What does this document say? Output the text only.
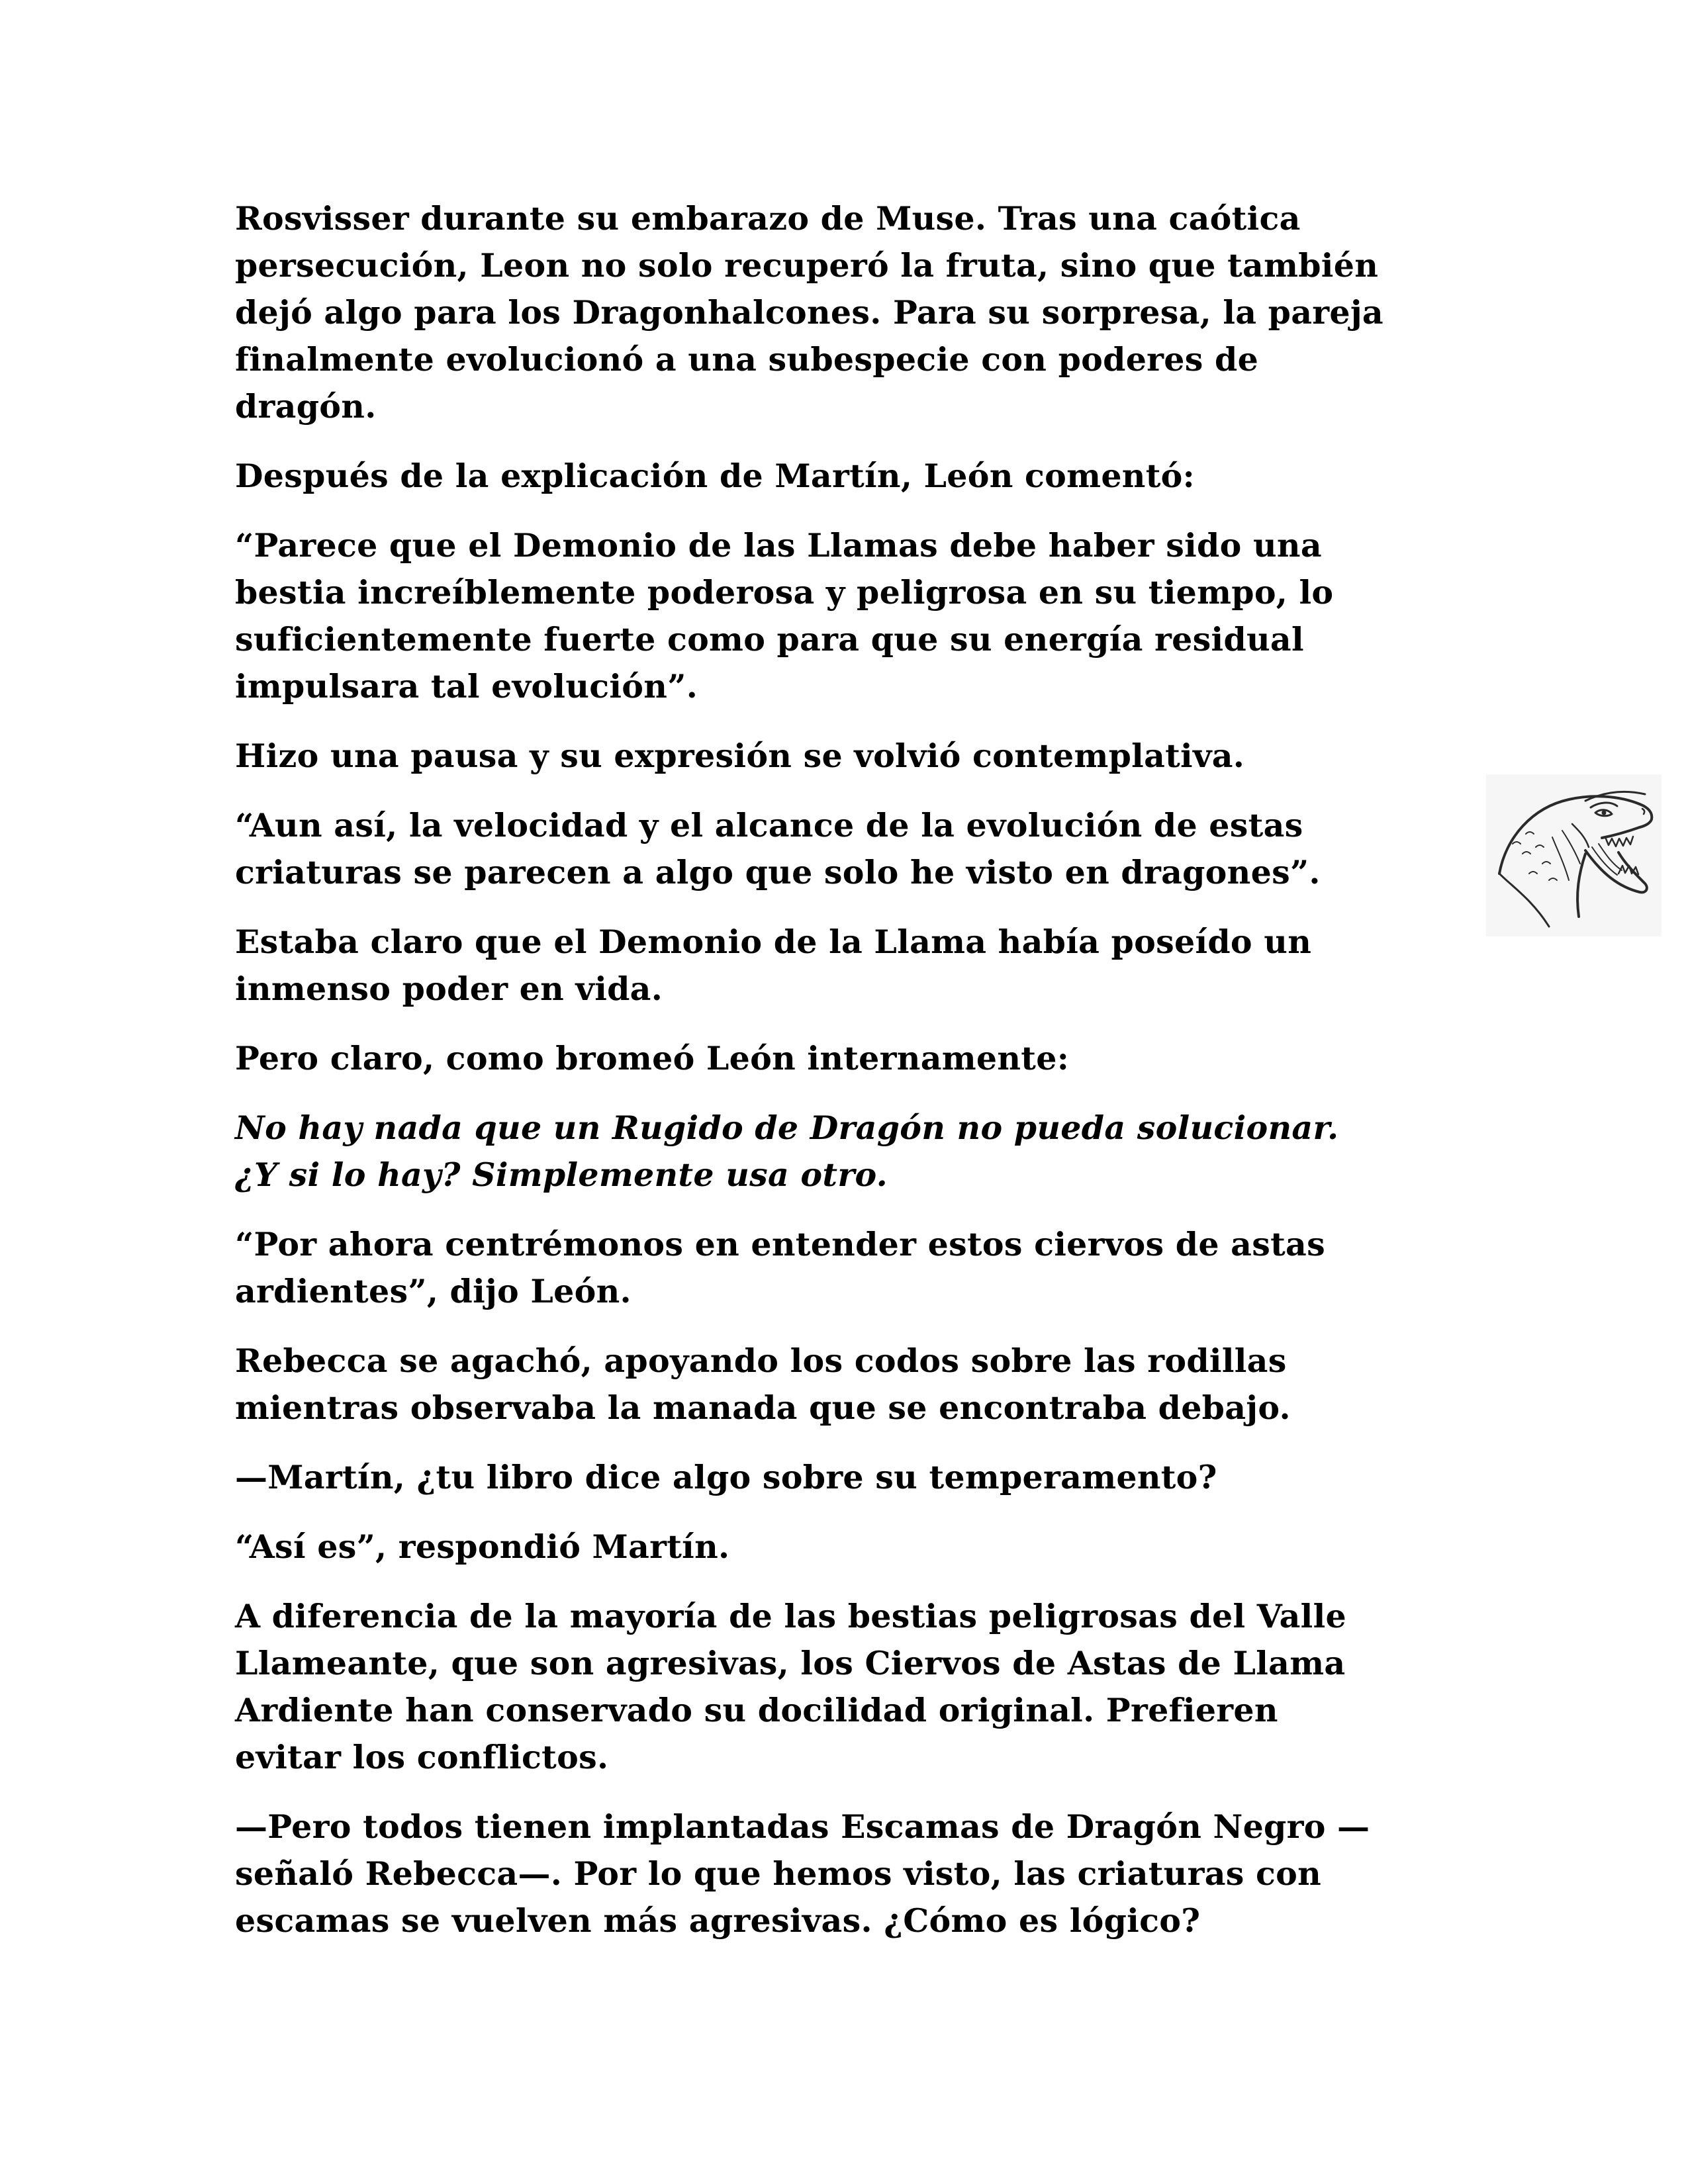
Rosvisser durante su embarazo de Muse. Tras una caótica
persecución, Leon no solo recuperó la fruta, sino que también
dejó algo para los Dragonhalcones. Para su sorpresa, la pareja
finalmente evolucionó a una subespecie con poderes de
dragón.

Después de la explicación de Martín, León comentó:

“Parece que el Demonio de las Llamas debe haber sido una
bestia increíblemente poderosa y peligrosa en su tiempo, lo
suficientemente fuerte como para que su energía residual
impulsara tal evolución”.

Hizo una pausa y su expresión se volvió contemplativa.

“Aun así, la velocidad y el alcance de la evolución de estas
criaturas se parecen a algo que solo he visto en dragones”.

Estaba claro que el Demonio de la Llama había poseído un
inmenso poder en vida.

Pero claro, como bromeó León internamente:

No hay nada que un Rugido de Dragón no pueda solucionar.
¿Y si lo hay? Simplemente usa otro.

“Por ahora centrémonos en entender estos ciervos de astas
ardientes”, dijo León.

Rebecca se agachó, apoyando los codos sobre las rodillas
mientras observaba la manada que se encontraba debajo.

—Martín, ¿tu libro dice algo sobre su temperamento?

“Así es”, respondió Martín.

A diferencia de la mayoría de las bestias peligrosas del Valle
Llameante, que son agresivas, los Ciervos de Astas de Llama
Ardiente han conservado su docilidad original. Prefieren
evitar los conflictos.

—Pero todos tienen implantadas Escamas de Dragón Negro —
señaló Rebecca—. Por lo que hemos visto, las criaturas con
escamas se vuelven más agresivas. ¿Cómo es lógico?
